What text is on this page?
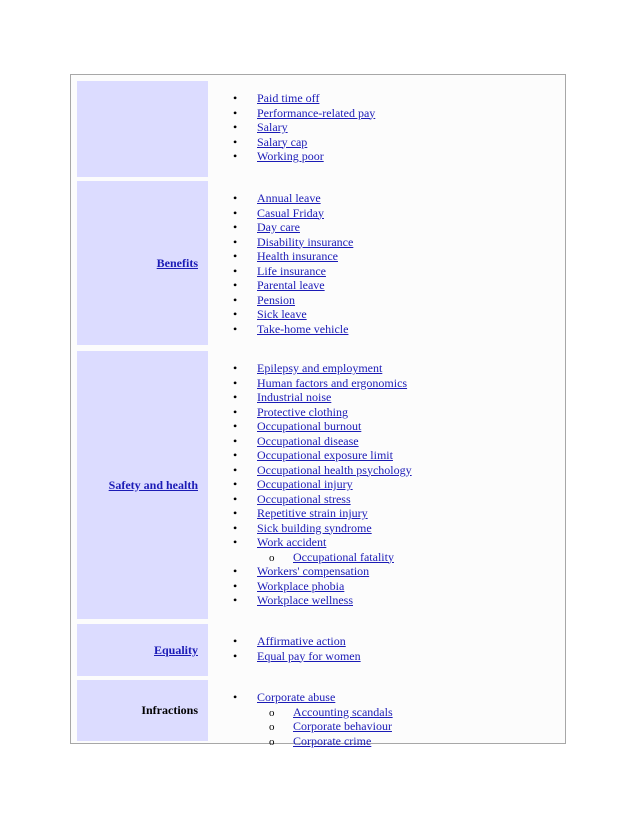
• Paid time off
• Performance-related pay
• Salary
• Salary cap
• Working poor
Benefits
• Annual leave
• Casual Friday
• Day care
• Disability insurance
• Health insurance
• Life insurance
• Parental leave
• Pension
• Sick leave
• Take-home vehicle
Safety and health
• Epilepsy and employment
• Human factors and ergonomics
• Industrial noise
• Protective clothing
• Occupational burnout
• Occupational disease
• Occupational exposure limit
• Occupational health psychology
• Occupational injury
• Occupational stress
• Repetitive strain injury
• Sick building syndrome
• Work accident
o Occupational fatality
• Workers' compensation
• Workplace phobia
• Workplace wellness
Equality
• Affirmative action
• Equal pay for women
Infractions
• Corporate abuse
o Accounting scandals
o Corporate behaviour
o Corporate crime
